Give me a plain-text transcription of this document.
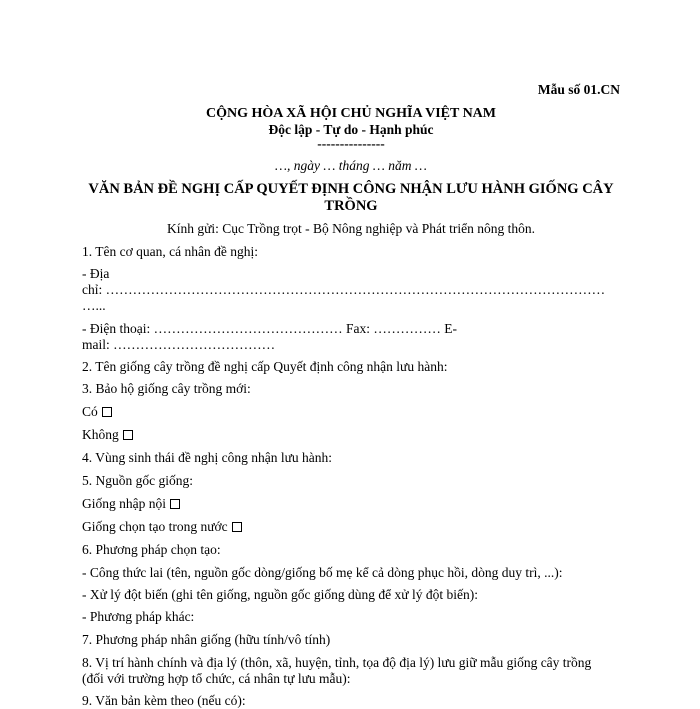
Mẫu số 01.CN
CỘNG HÒA XÃ HỘI CHỦ NGHĨA VIỆT NAM
Độc lập - Tự do - Hạnh phúc
---------------
…, ngày … tháng … năm …
VĂN BẢN ĐỀ NGHỊ CẤP QUYẾT ĐỊNH CÔNG NHẬN LƯU HÀNH GIỐNG CÂY
TRỒNG
Kính gửi: Cục Trồng trọt - Bộ Nông nghiệp và Phát triển nông thôn.
1. Tên cơ quan, cá nhân đề nghị:
- Địa
chỉ: …………………………………………………………………………………………………
…...
- Điện thoại: …………………………………… Fax: …………… E-
mail: ………………………………
2. Tên giống cây trồng đề nghị cấp Quyết định công nhận lưu hành:
3. Bảo hộ giống cây trồng mới:
Có
Không
4. Vùng sinh thái đề nghị công nhận lưu hành:
5. Nguồn gốc giống:
Giống nhập nội
Giống chọn tạo trong nước
6. Phương pháp chọn tạo:
- Công thức lai (tên, nguồn gốc dòng/giống bố mẹ kể cả dòng phục hồi, dòng duy trì, ...):
- Xử lý đột biến (ghi tên giống, nguồn gốc giống dùng để xử lý đột biến):
- Phương pháp khác:
7. Phương pháp nhân giống (hữu tính/vô tính)
8. Vị trí hành chính và địa lý (thôn, xã, huyện, tỉnh, tọa độ địa lý) lưu giữ mẫu giống cây trồng
(đối với trường hợp tổ chức, cá nhân tự lưu mẫu):
9. Văn bản kèm theo (nếu có):
